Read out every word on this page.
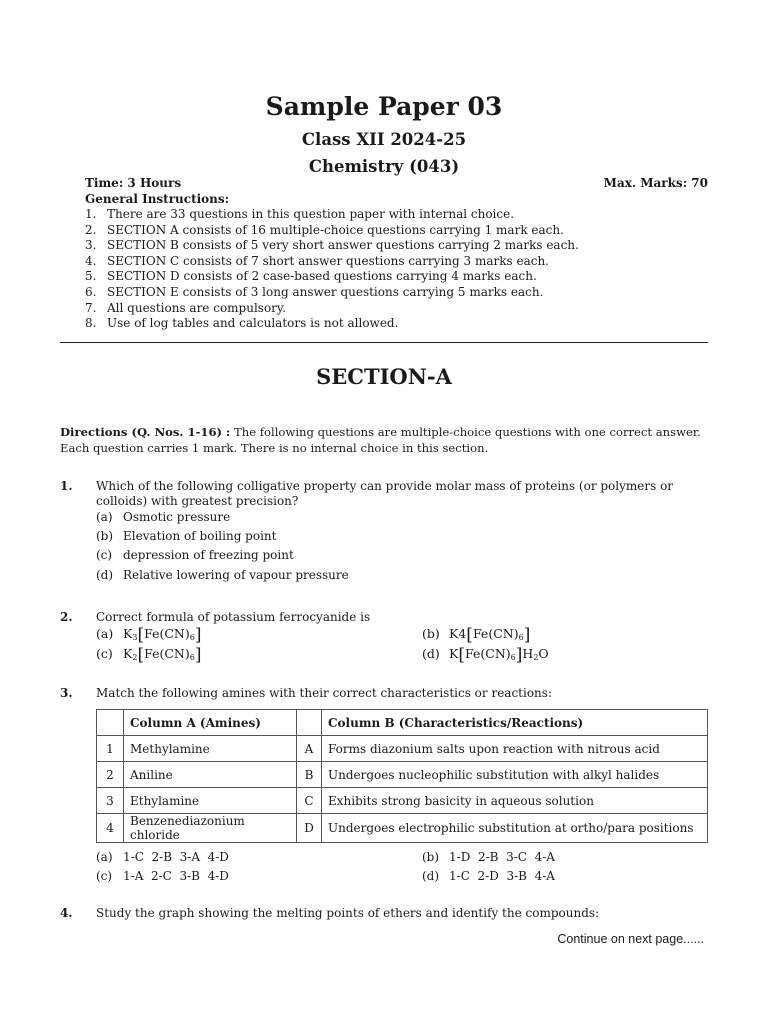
Sample Paper 03
Class XII 2024-25
Chemistry (043)
Time: 3 Hours	Max. Marks: 70
General Instructions:
1. There are 33 questions in this question paper with internal choice.
2. SECTION A consists of 16 multiple-choice questions carrying 1 mark each.
3. SECTION B consists of 5 very short answer questions carrying 2 marks each.
4. SECTION C consists of 7 short answer questions carrying 3 marks each.
5. SECTION D consists of 2 case-based questions carrying 4 marks each.
6. SECTION E consists of 3 long answer questions carrying 5 marks each.
7. All questions are compulsory.
8. Use of log tables and calculators is not allowed.
SECTION-A
Directions (Q. Nos. 1-16) : The following questions are multiple-choice questions with one correct answer. Each question carries 1 mark. There is no internal choice in this section.
1. Which of the following colligative property can provide molar mass of proteins (or polymers or colloids) with greatest precision?
(a) Osmotic pressure
(b) Elevation of boiling point
(c) depression of freezing point
(d) Relative lowering of vapour pressure
2. Correct formula of potassium ferrocyanide is
(a) $K_3[Fe(CN)_6]$	(b) $K4[Fe(CN)_6]$
(c) $K_2[Fe(CN)_6]$	(d) $K[Fe(CN)_6]H_2O$
3. Match the following amines with their correct characteristics or reactions:
	Column A (Amines)		Column B (Characteristics/Reactions)
1	Methylamine	A	Forms diazonium salts upon reaction with nitrous acid
2	Aniline	B	Undergoes nucleophilic substitution with alkyl halides
3	Ethylamine	C	Exhibits strong basicity in aqueous solution
4	Benzenediazonium chloride	D	Undergoes electrophilic substitution at ortho/para positions
(a) 1-C  2-B  3-A  4-D	(b) 1-D  2-B  3-C  4-A
(c) 1-A  2-C  3-B  4-D	(d) 1-C  2-D  3-B  4-A
4. Study the graph showing the melting points of ethers and identify the compounds:
Continue on next page......
